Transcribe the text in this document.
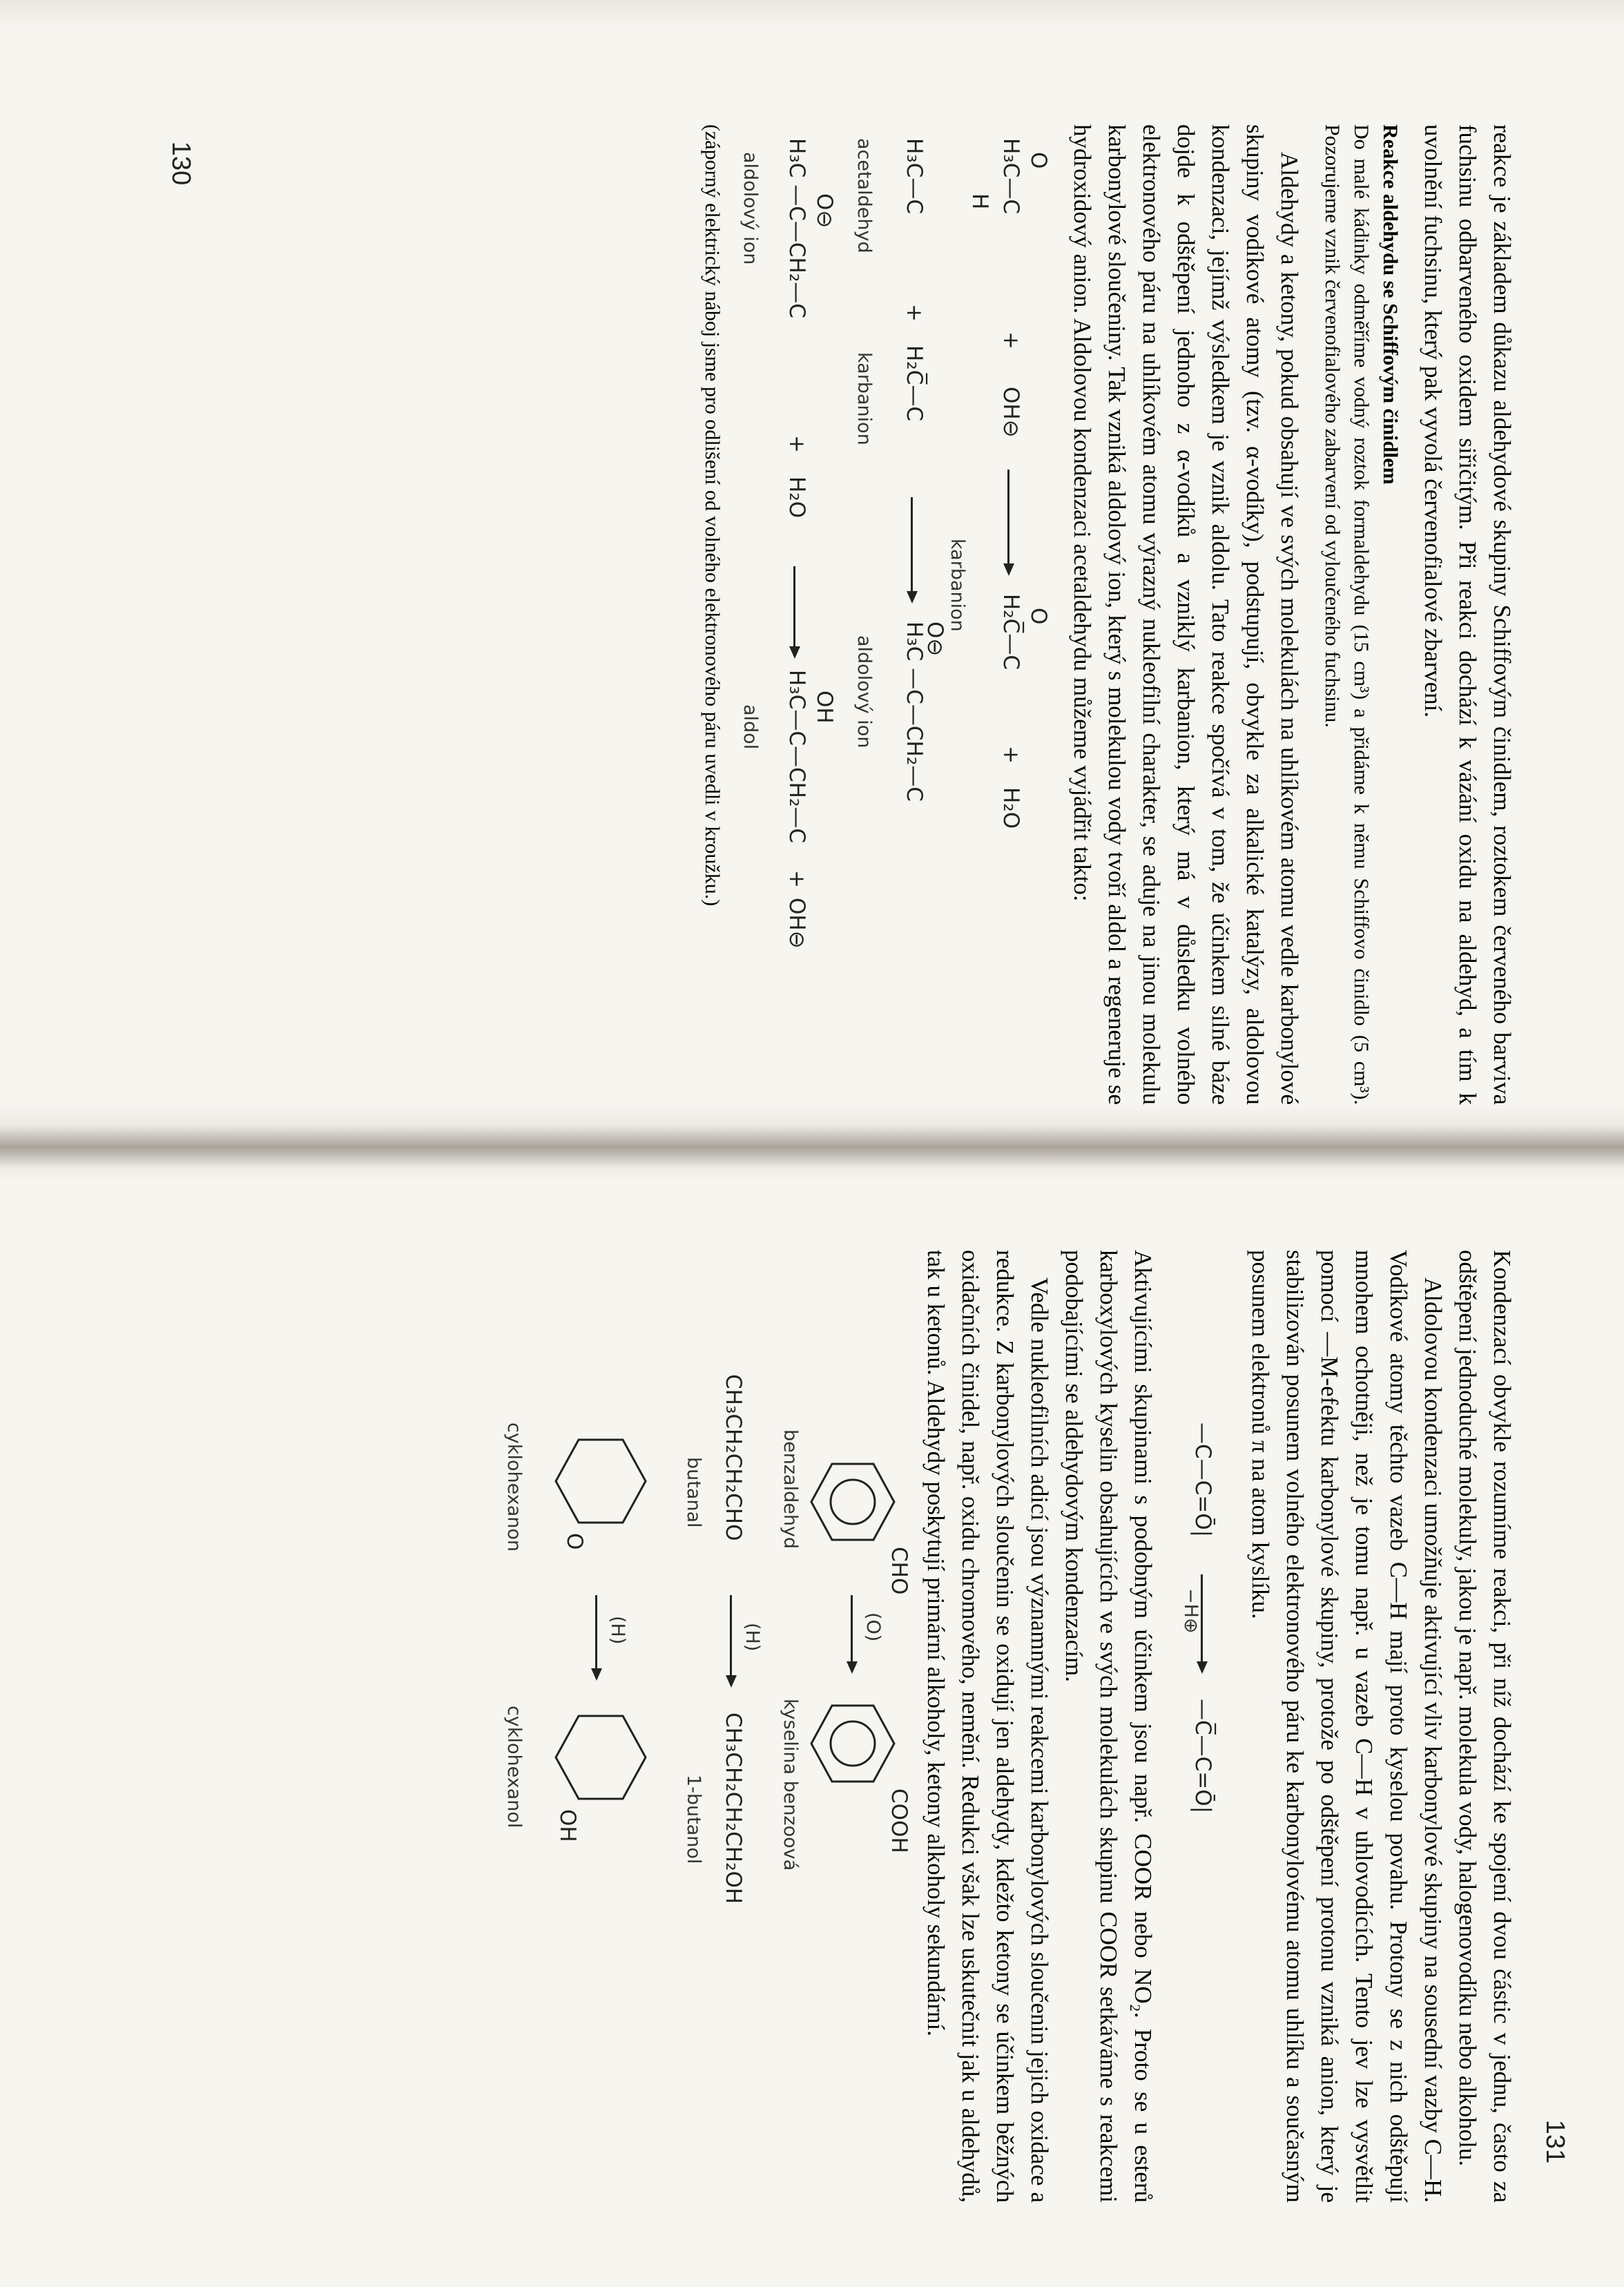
reakce je základem důkazu aldehydové skupiny Schiffovým činidlem, roztokem červeného barviva fuchsinu odbarveného oxidem siřičitým. Při reakci dochází k vázání oxidu na aldehyd, a tím k uvolnění fuchsinu, který pak vyvolá červenofialové zbarvení.

Reakce aldehydu se Schiffovým činidlem

Do malé kádinky odměříme vodný roztok formaldehydu (15 cm³) a přidáme k němu Schiffovo činidlo (5 cm³). Pozorujeme vznik červenofialového zabarvení od vyloučeného fuchsinu.

Aldehydy a ketony, pokud obsahují ve svých molekulách na uhlíkovém atomu vedle karbonylové skupiny vodíkové atomy (tzv. α-vodíky), podstupují, obvykle za alkalické katalýzy, aldolovou kondenzaci, jejímž výsledkem je vznik aldolu. Tato reakce spočívá v tom, že účinkem silné báze dojde k odštěpení jednoho z α-vodíků a vzniklý karbanion, který má v důsledku volného elektronového páru na uhlíkovém atomu výrazný nukleofilní charakter, se aduje na jinou molekulu karbonylové sloučeniny. Tak vzniká aldolový ion, který s molekulou vody tvoří aldol a regeneruje se hydroxidový anion. Aldolovou kondenzaci acetaldehydu můžeme vyjádřit takto:

O
H₃C—C
H
+
OH⊖
O
H₂C̅—C
+
H₂O
karbanion
H₃C—C
+
H₂C̅—C
O⊖
H₃C —C—CH₂—C
acetaldehyd
karbanion
aldolový ion
O⊖
H₃C —C—CH₂—C
+
H₂O
OH
H₃C—C—CH₂—C
+
OH⊖
aldolový ion
aldol

(záporný elektrický náboj jsme pro odlišení od volného elektronového páru uvedli v kroužku.)

130

Kondenzací obvykle rozumíme reakci, při níž dochází ke spojení dvou částic v jednu, často za odštěpení jednoduché molekuly, jakou je např. molekula vody, halogenovodíku nebo alkoholu.

Aldolovou kondenzaci umožňuje aktivující vliv karbonylové skupiny na sousední vazby C—H. Vodíkové atomy těchto vazeb C—H mají proto kyselou povahu. Protony se z nich odštěpují mnohem ochotněji, než je tomu např. u vazeb C—H v uhlovodících. Tento jev lze vysvětlit pomocí —M-efektu karbonylové skupiny, protože po odštěpení protonu vzniká anion, který je stabilizován posunem volného elektronového páru ke karbonylovému atomu uhlíku a současným posunem elektronů π na atom kyslíku.

—C—C=Ō|
−H⊕
—C̅—C=Ō|

Aktivujícími skupinami s podobným účinkem jsou např. COOR nebo NO₂. Proto se u esterů karboxylových kyselin obsahujících ve svých molekulách skupinu COOR setkáváme s reakcemi podobajícími se aldehydovým kondenzacím.

Vedle nukleofilních adicí jsou významnými reakcemi karbonylových sloučenin jejich oxidace a redukce. Z karbonylových sloučenin se oxidují jen aldehydy, kdežto ketony se účinkem běžných oxidačních činidel, např. oxidu chromového, nemění. Redukci však lze uskutečnit jak u aldehydů, tak u ketonů. Aldehydy poskytují primární alkoholy, ketony alkoholy sekundární.

CHO
benzaldehyd
(O)
COOH
kyselina benzoová
CH₃CH₂CH₂CHO
(H)
CH₃CH₂CH₂CH₂OH
butanal
1-butanol
O
(H)
OH
cyklohexanon
cyklohexanol
131
